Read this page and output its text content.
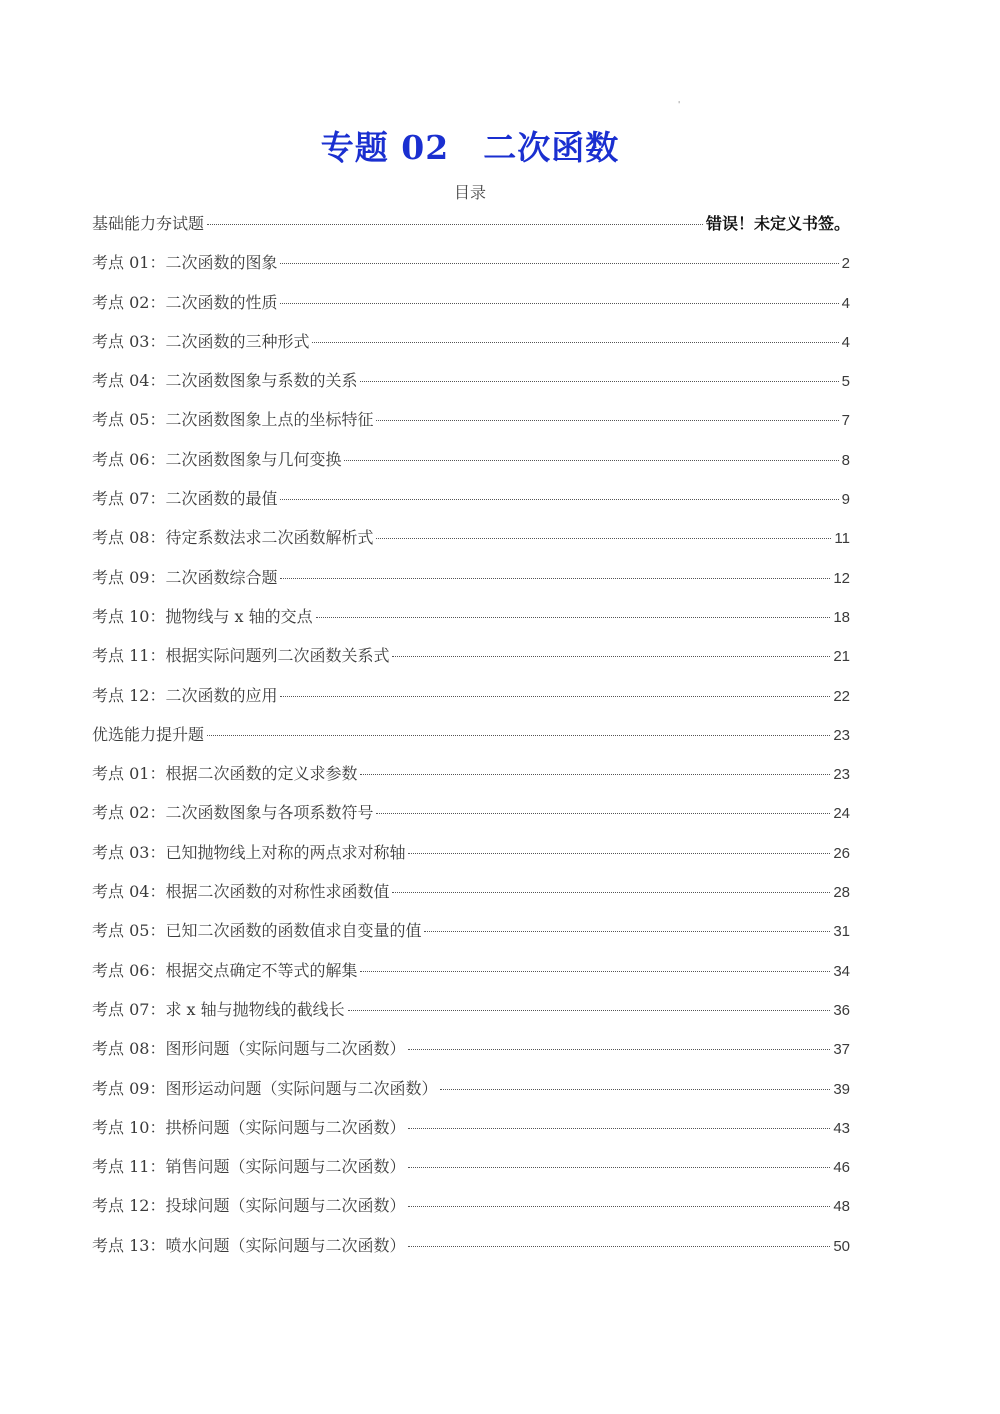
'
专题 02 二次函数
目录
基础能力夯试题	错误！未定义书签。
考点 01：二次函数的图象	2
考点 02：二次函数的性质	4
考点 03：二次函数的三种形式	4
考点 04：二次函数图象与系数的关系	5
考点 05：二次函数图象上点的坐标特征	7
考点 06：二次函数图象与几何变换	8
考点 07：二次函数的最值	9
考点 08：待定系数法求二次函数解析式	11
考点 09：二次函数综合题	12
考点 10：抛物线与 x 轴的交点	18
考点 11：根据实际问题列二次函数关系式	21
考点 12：二次函数的应用	22
优选能力提升题	23
考点 01：根据二次函数的定义求参数	23
考点 02：二次函数图象与各项系数符号	24
考点 03：已知抛物线上对称的两点求对称轴	26
考点 04：根据二次函数的对称性求函数值	28
考点 05：已知二次函数的函数值求自变量的值	31
考点 06：根据交点确定不等式的解集	34
考点 07：求 x 轴与抛物线的截线长	36
考点 08：图形问题（实际问题与二次函数）	37
考点 09：图形运动问题（实际问题与二次函数）	39
考点 10：拱桥问题（实际问题与二次函数）	43
考点 11：销售问题（实际问题与二次函数）	46
考点 12：投球问题（实际问题与二次函数）	48
考点 13：喷水问题（实际问题与二次函数）	50
